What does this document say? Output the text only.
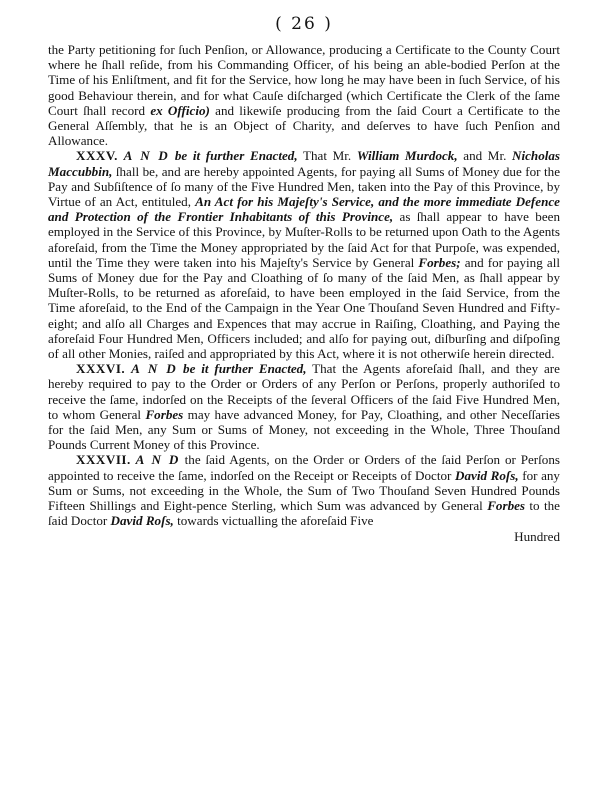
( 26 )

the Party petitioning for ſuch Penſion, or Allowance, producing a Certificate to the County Court where he ſhall reſide, from his Commanding Officer, of his being an able-bodied Perſon at the Time of his Enliſtment, and fit for the Service, how long he may have been in ſuch Service, of his good Behaviour therein, and for what Cauſe diſcharged (which Certificate the Clerk of the ſame Court ſhall record ex Officio) and likewiſe producing from the ſaid Court a Certificate to the General Aſſembly, that he is an Object of Charity, and deſerves to have ſuch Penſion and Allowance.

XXXV. A N D be it further Enacted, That Mr. William Murdock, and Mr. Nicholas Maccubbin, ſhall be, and are hereby appointed Agents, for paying all Sums of Money due for the Pay and Subſiſtence of ſo many of the Five Hundred Men, taken into the Pay of this Province, by Virtue of an Act, entituled, An Act for his Majeſty's Service, and the more immediate Defence and Protection of the Frontier Inhabitants of this Province, as ſhall appear to have been employed in the Service of this Province, by Muſter-Rolls to be returned upon Oath to the Agents aforeſaid, from the Time the Money appropriated by the ſaid Act for that Purpoſe, was expended, until the Time they were taken into his Majeſty's Service by General Forbes; and for paying all Sums of Money due for the Pay and Cloathing of ſo many of the ſaid Men, as ſhall appear by Muſter-Rolls, to be returned as aforeſaid, to have been employed in the ſaid Service, from the Time aforeſaid, to the End of the Campaign in the Year One Thouſand Seven Hundred and Fifty-eight; and alſo all Charges and Expences that may accrue in Raiſing, Cloathing, and Paying the aforeſaid Four Hundred Men, Officers included; and alſo for paying out, diſburſing and diſpoſing of all other Monies, raiſed and appropriated by this Act, where it is not otherwiſe herein directed.

XXXVI. A N D be it further Enacted, That the Agents aforeſaid ſhall, and they are hereby required to pay to the Order or Orders of any Perſon or Perſons, properly authoriſed to receive the ſame, indorſed on the Receipts of the ſeveral Officers of the ſaid Five Hundred Men, to whom General Forbes may have advanced Money, for Pay, Cloathing, and other Neceſſaries for the ſaid Men, any Sum or Sums of Money, not exceeding in the Whole, Three Thouſand Pounds Current Money of this Province.

XXXVII. A N D the ſaid Agents, on the Order or Orders of the ſaid Perſon or Perſons appointed to receive the ſame, indorſed on the Receipt or Receipts of Doctor David Roſs, for any Sum or Sums, not exceeding in the Whole, the Sum of Two Thouſand Seven Hundred Pounds Fifteen Shillings and Eight-pence Sterling, which Sum was advanced by General Forbes to the ſaid Doctor David Roſs, towards victualling the aforeſaid Five

Hundred
